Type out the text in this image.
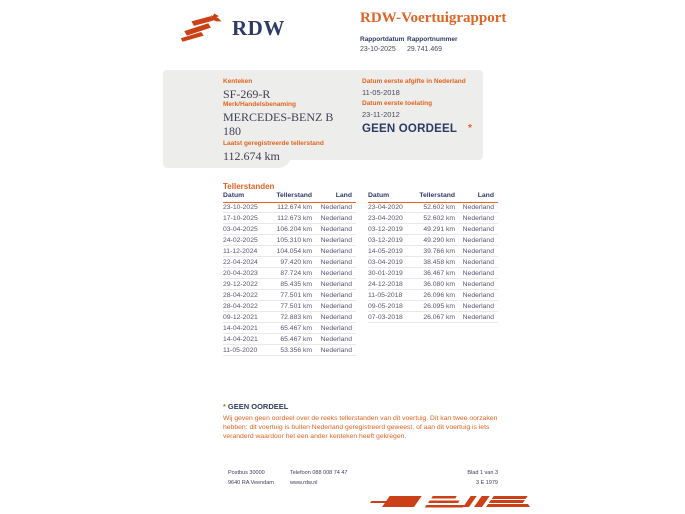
RDW	RDW-Voertuigrapport
Rapportdatum
23-10-2025
Rapportnummer
29.741.469
Kenteken
SF-269-R
Merk/Handelsbenaming
MERCEDES-BENZ B 180
Laatst geregistreerde tellerstand
112.674 km
Datum eerste afgifte in Nederland
11-05-2018
Datum eerste toelating
23-11-2012
GEEN OORDEEL *
Tellerstanden
Datum	Tellerstand	Land
23-10-2025	112.674 km	Nederland
17-10-2025	112.673 km	Nederland
03-04-2025	106.204 km	Nederland
24-02-2025	105.310 km	Nederland
11-12-2024	104.054 km	Nederland
22-04-2024	97.420 km	Nederland
20-04-2023	87.724 km	Nederland
29-12-2022	85.435 km	Nederland
28-04-2022	77.501 km	Nederland
28-04-2022	77.501 km	Nederland
09-12-2021	72.883 km	Nederland
14-04-2021	65.467 km	Nederland
14-04-2021	65.467 km	Nederland
11-05-2020	53.356 km	Nederland
Datum	Tellerstand	Land
23-04-2020	52.602 km	Nederland
23-04-2020	52.602 km	Nederland
03-12-2019	49.291 km	Nederland
03-12-2019	49.290 km	Nederland
14-05-2019	39.766 km	Nederland
03-04-2019	38.458 km	Nederland
30-01-2019	36.467 km	Nederland
24-12-2018	36.080 km	Nederland
11-05-2018	26.096 km	Nederland
09-05-2018	26.095 km	Nederland
07-03-2018	26.067 km	Nederland
* GEEN OORDEEL

Wij geven geen oordeel over de reeks tellerstanden van dit voertuig. Dit kan twee oorzaken hebben: dit voertuig is buiten Nederland geregistreerd geweest, of aan dit voertuig is iets veranderd waardoor het een ander kenteken heeft gekregen.

Postbus 30000
9640 RA Veendam
Telefoon 088 008 74 47
www.rdw.nl
Blad 1 van 3
3 E 1979
